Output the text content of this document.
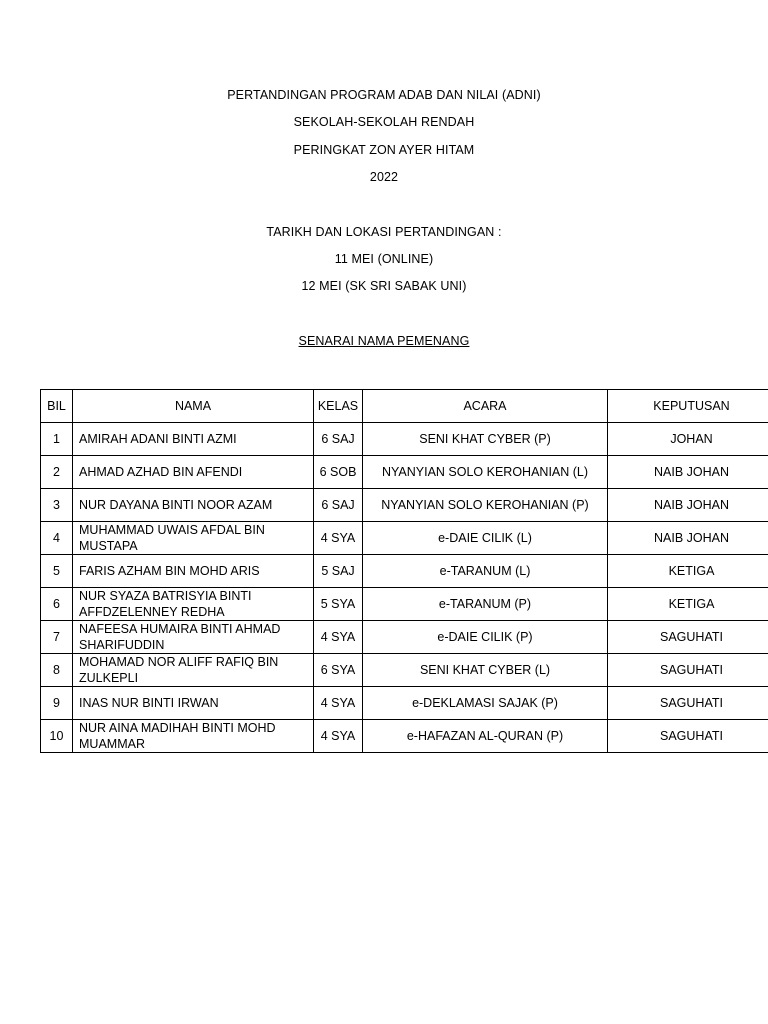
PERTANDINGAN PROGRAM ADAB DAN NILAI (ADNI)
SEKOLAH-SEKOLAH RENDAH
PERINGKAT ZON AYER HITAM
2022
TARIKH DAN LOKASI PERTANDINGAN :
11 MEI (ONLINE)
12 MEI (SK SRI SABAK UNI)
SENARAI NAMA PEMENANG
BIL	NAMA	KELAS	ACARA	KEPUTUSAN
1	AMIRAH ADANI BINTI AZMI	6 SAJ	SENI KHAT CYBER (P)	JOHAN
2	AHMAD AZHAD BIN AFENDI	6 SOB	NYANYIAN SOLO KEROHANIAN (L)	NAIB JOHAN
3	NUR DAYANA BINTI NOOR AZAM	6 SAJ	NYANYIAN SOLO KEROHANIAN (P)	NAIB JOHAN
4	MUHAMMAD UWAIS AFDAL BIN MUSTAPA	4 SYA	e-DAIE CILIK (L)	NAIB JOHAN
5	FARIS AZHAM BIN MOHD ARIS	5 SAJ	e-TARANUM (L)	KETIGA
6	NUR SYAZA BATRISYIA BINTI AFFDZELENNEY REDHA	5 SYA	e-TARANUM (P)	KETIGA
7	NAFEESA HUMAIRA BINTI AHMAD SHARIFUDDIN	4 SYA	e-DAIE CILIK (P)	SAGUHATI
8	MOHAMAD NOR ALIFF RAFIQ BIN ZULKEPLI	6 SYA	SENI KHAT CYBER (L)	SAGUHATI
9	INAS NUR BINTI IRWAN	4 SYA	e-DEKLAMASI SAJAK (P)	SAGUHATI
10	NUR AINA MADIHAH BINTI MOHD MUAMMAR	4 SYA	e-HAFAZAN AL-QURAN (P)	SAGUHATI
